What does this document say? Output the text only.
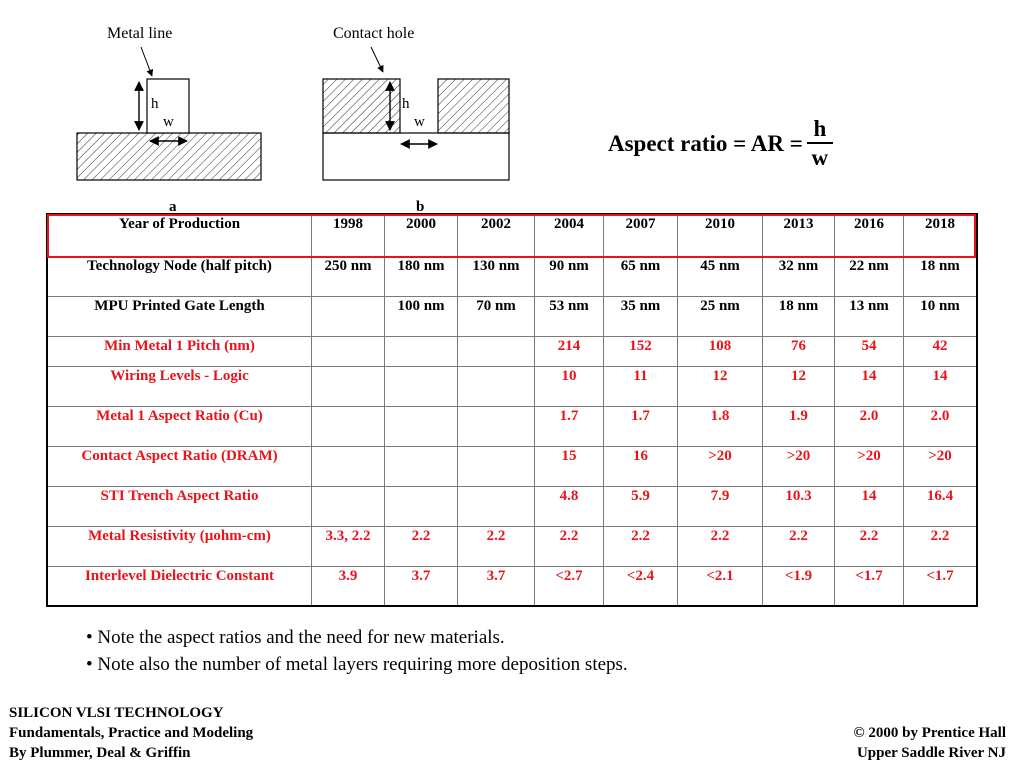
Metal line	Contact hole
h
w
h
w
a	b
Aspect ratio = AR = $\frac{h}{w}$
Year of Production	1998	2000	2002	2004	2007	2010	2013	2016	2018
Technology Node (half pitch)	250 nm	180 nm	130 nm	90 nm	65 nm	45 nm	32 nm	22 nm	18 nm
MPU Printed Gate Length		100 nm	70 nm	53 nm	35 nm	25 nm	18 nm	13 nm	10 nm
Min Metal 1 Pitch (nm)				214	152	108	76	54	42
Wiring Levels - Logic				10	11	12	12	14	14
Metal 1 Aspect Ratio (Cu)				1.7	1.7	1.8	1.9	2.0	2.0
Contact Aspect Ratio (DRAM)				15	16	>20	>20	>20	>20
STI Trench Aspect Ratio				4.8	5.9	7.9	10.3	14	16.4
Metal Resistivity (µohm-cm)	3.3, 2.2	2.2	2.2	2.2	2.2	2.2	2.2	2.2	2.2
Interlevel Dielectric Constant	3.9	3.7	3.7	<2.7	<2.4	<2.1	<1.9	<1.7	<1.7
• Note the aspect ratios and the need for new materials.
• Note also the number of metal layers requiring more deposition steps.
SILICON VLSI TECHNOLOGY
Fundamentals, Practice and Modeling
By Plummer, Deal & Griffin
© 2000 by Prentice Hall
Upper Saddle River NJ
